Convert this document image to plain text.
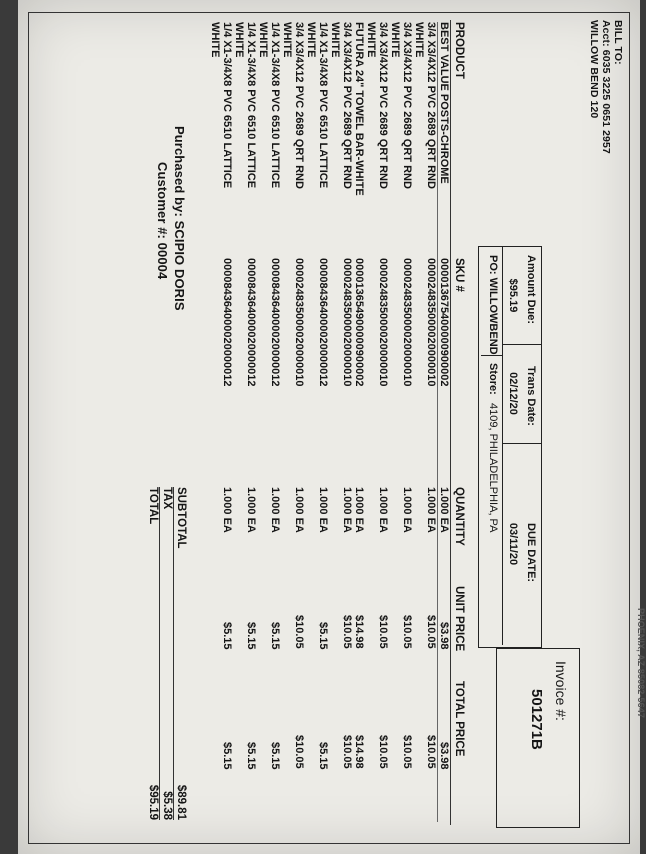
PHOENIX, AZ 85082-5647
BILL TO:
Acct: 6035 3225 0651 2957
WILLOW BEND 120
Invoice #:
501271B
Amount Due:
$95.19
Trans Date:
02/12/20
DUE DATE:
03/11/20
PO: WILLOWBEND
Store:
4109, PHILADELPHIA, PA
PRODUCT
SKU #
QUANTITY
UNIT PRICE
TOTAL PRICE
BEST VALUE POSTS-CHROME
000013675400000900002
1.000 EA
$3.98
$3.98
3/4 X3/4X12 PVC 2689 QRT RND
000024835000020000010
1.000 EA
$10.05
$10.05
WHITE
3/4 X3/4X12 PVC 2689 QRT RND
000024835000020000010
1.000 EA
$10.05
$10.05
WHITE
3/4 X3/4X12 PVC 2689 QRT RND
000024835000020000010
1.000 EA
$10.05
$10.05
WHITE
FUTURA 24" TOWEL BAR-WHITE
000013654900000900002
1.000 EA
$14.98
$14.98
3/4 X3/4X12 PVC 2689 QRT RND
000024835000020000010
1.000 EA
$10.05
$10.05
WHITE
1/4 X1-3/4X8 PVC 6510 LATTICE
000084364000020000012
1.000 EA
$5.15
$5.15
WHITE
3/4 X3/4X12 PVC 2689 QRT RND
000024835000020000010
1.000 EA
$10.05
$10.05
WHITE
1/4 X1-3/4X8 PVC 6510 LATTICE
000084364000020000012
1.000 EA
$5.15
$5.15
WHITE
1/4 X1-3/4X8 PVC 6510 LATTICE
000084364000020000012
1.000 EA
$5.15
$5.15
WHITE
1/4 X1-3/4X8 PVC 6510 LATTICE
000084364000020000012
1.000 EA
$5.15
$5.15
WHITE
SUBTOTAL
$89.81
TAX
$5.38
TOTAL
$95.19
Purchased by: SCIPIO DORIS
Customer #: 00004
